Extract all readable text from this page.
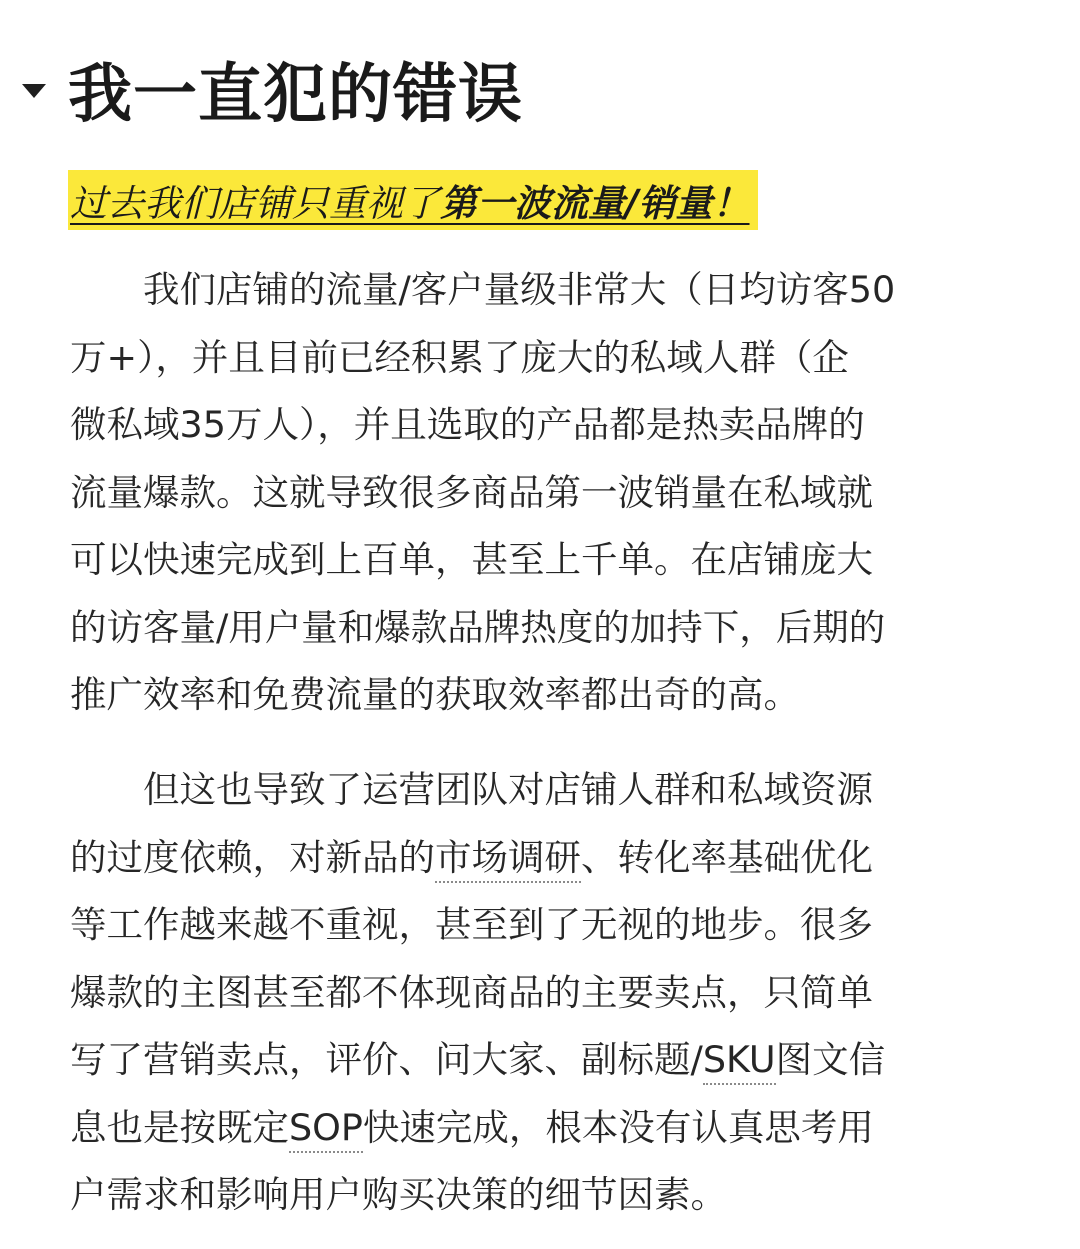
我一直犯的错误
过去我们店铺只重视了 第一波流量/销量！
我们店铺的流量/客户量级非常大（日均访客50
万+），并且目前已经积累了庞大的私域人群（企
微私域35万人），并且选取的产品都是热卖品牌的
流量爆款。这就导致很多商品第一波销量在私域就
可以快速完成到上百单，甚至上千单。在店铺庞大
的访客量/用户量和爆款品牌热度的加持下，后期的
推广效率和免费流量的获取效率都出奇的高。
但这也导致了运营团队对店铺人群和私域资源
的过度依赖，对新品的市场调研、转化率基础优化
等工作越来越不重视，甚至到了无视的地步。很多
爆款的主图甚至都不体现商品的主要卖点，只简单
写了营销卖点，评价、问大家、副标题/SKU图文信
息也是按既定SOP快速完成，根本没有认真思考用
户需求和影响用户购买决策的细节因素。
